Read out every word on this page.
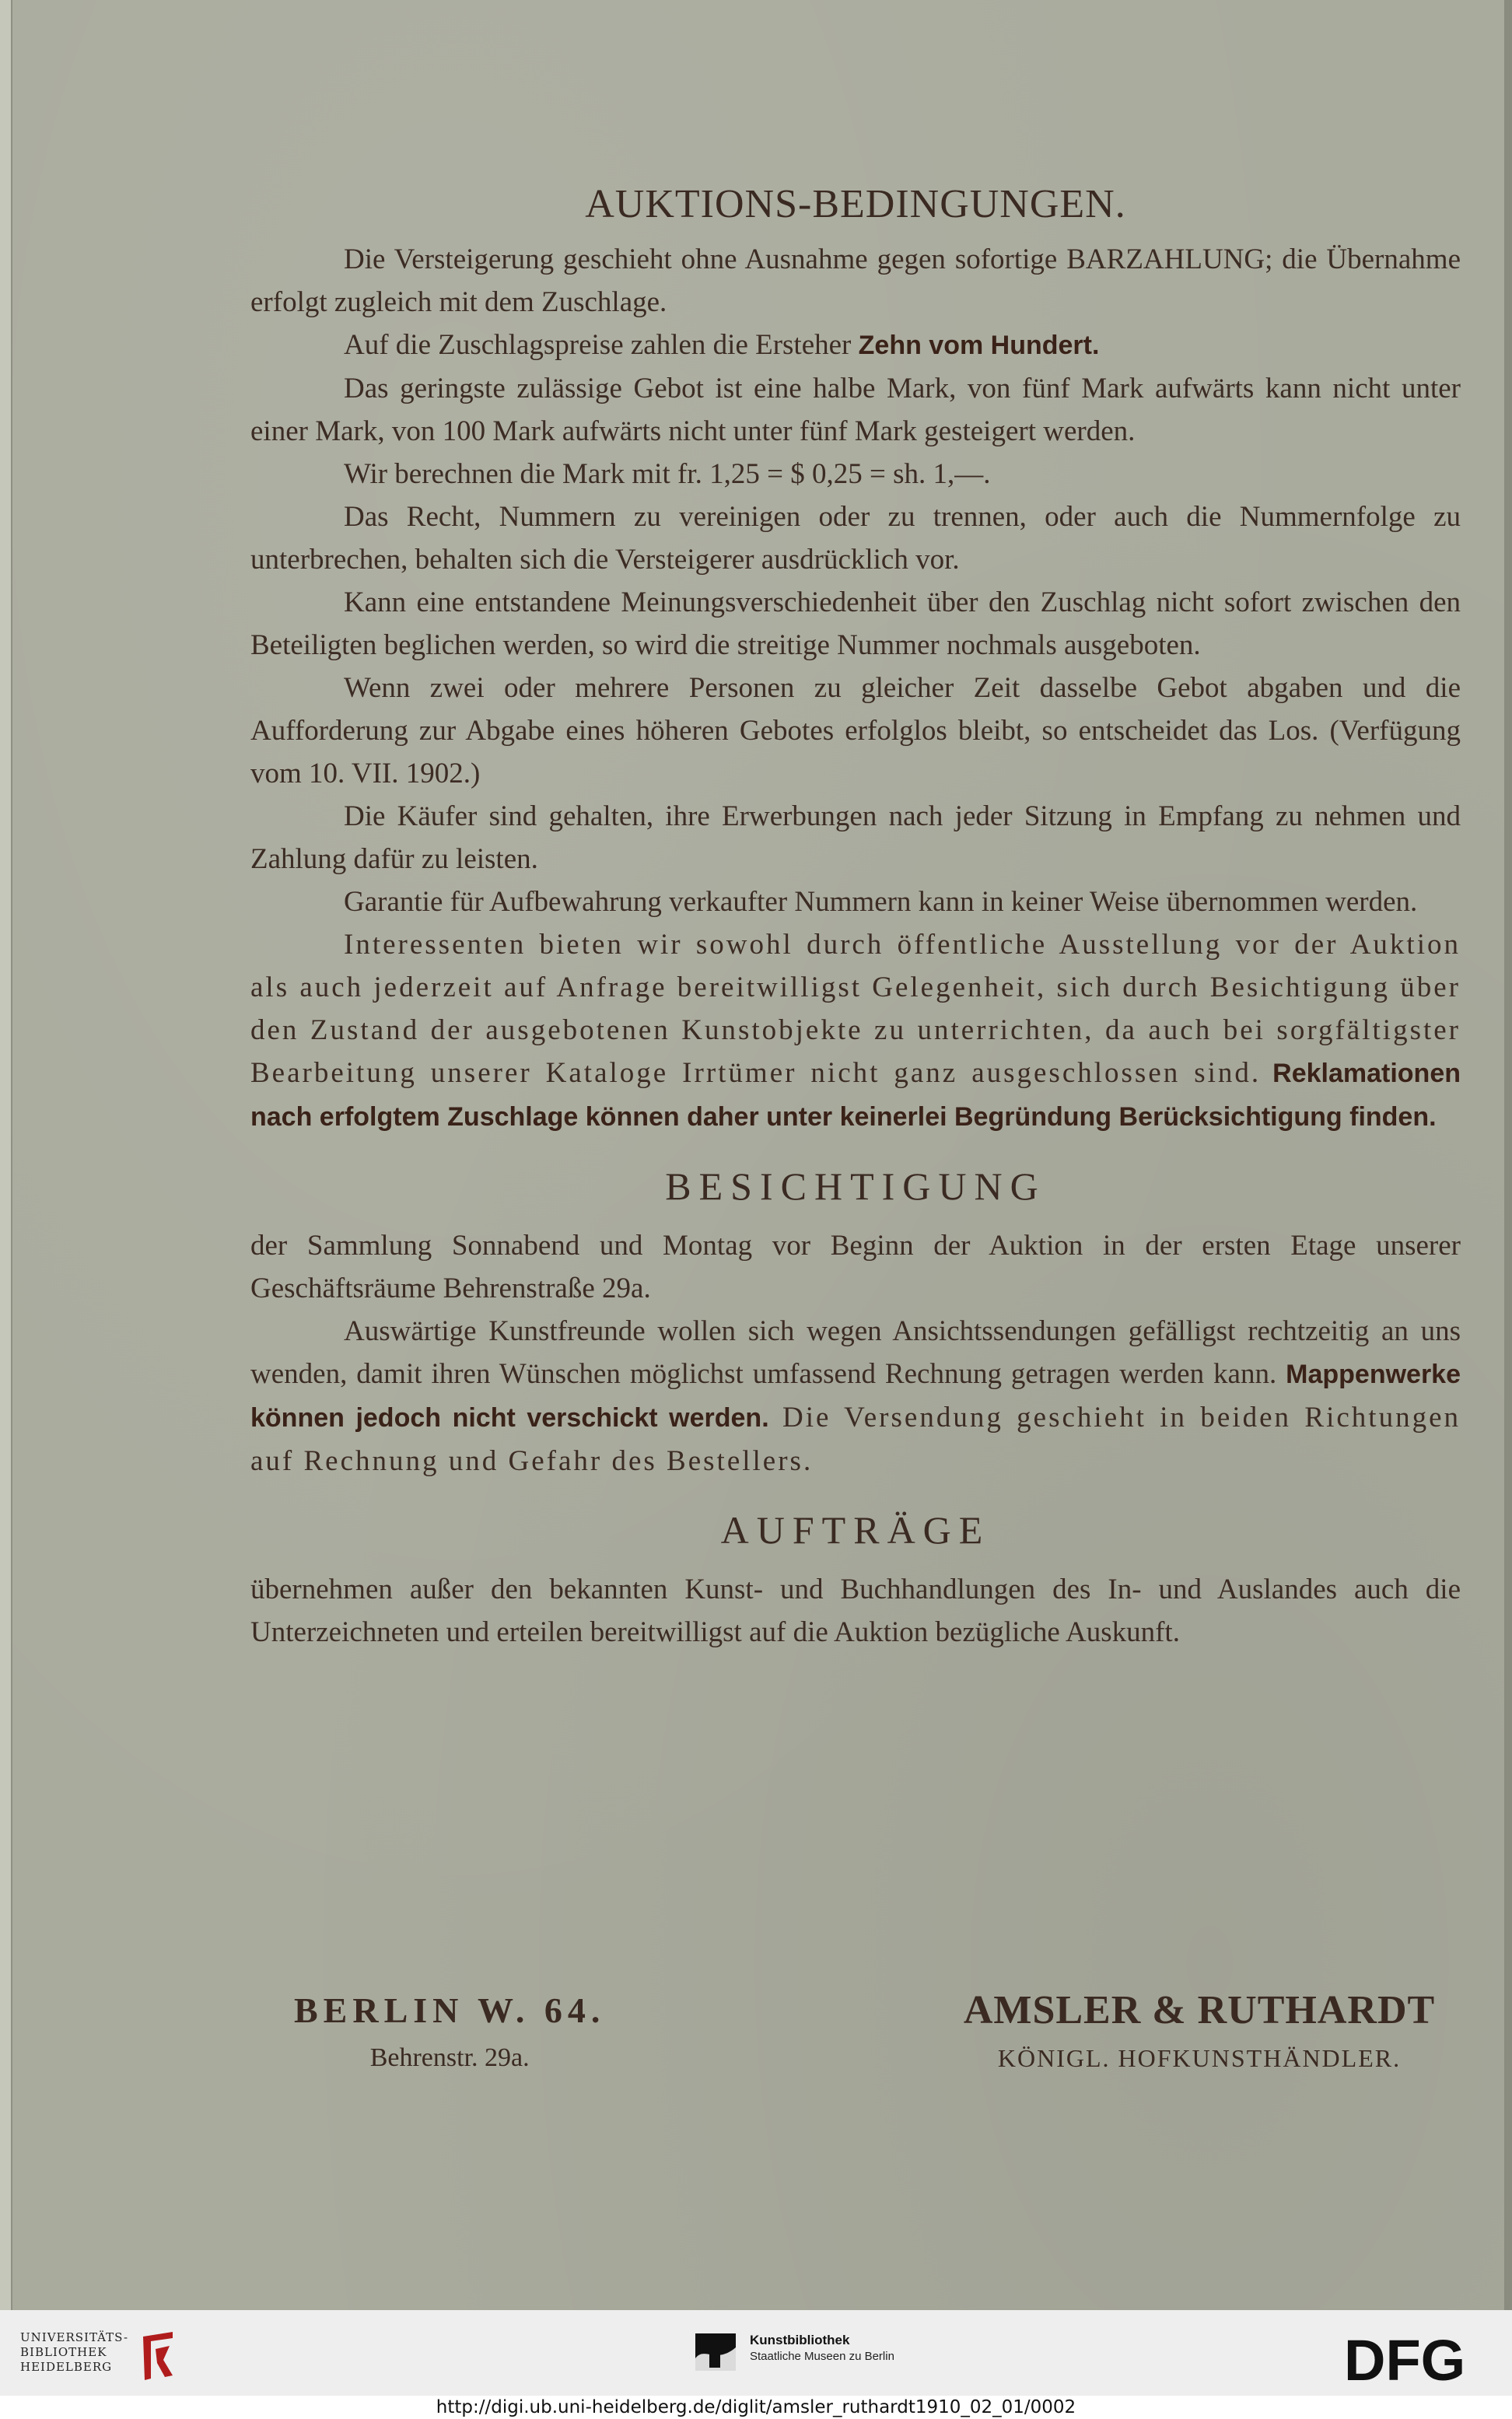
AUKTIONS-BEDINGUNGEN.

Die Versteigerung geschieht ohne Ausnahme gegen sofortige BARZAHLUNG; die Übernahme erfolgt zugleich mit dem Zuschlage.

Auf die Zuschlagspreise zahlen die Ersteher Zehn vom Hundert.

Das geringste zulässige Gebot ist eine halbe Mark, von fünf Mark aufwärts kann nicht unter einer Mark, von 100 Mark aufwärts nicht unter fünf Mark gesteigert werden.

Wir berechnen die Mark mit fr. 1,25 = $ 0,25 = sh. 1,—.

Das Recht, Nummern zu vereinigen oder zu trennen, oder auch die Nummernfolge zu unterbrechen, behalten sich die Versteigerer ausdrücklich vor.

Kann eine entstandene Meinungsverschiedenheit über den Zuschlag nicht sofort zwischen den Beteiligten beglichen werden, so wird die streitige Nummer nochmals ausgeboten.

Wenn zwei oder mehrere Personen zu gleicher Zeit dasselbe Gebot abgaben und die Aufforderung zur Abgabe eines höheren Gebotes erfolglos bleibt, so entscheidet das Los. (Verfügung vom 10. VII. 1902.)

Die Käufer sind gehalten, ihre Erwerbungen nach jeder Sitzung in Empfang zu nehmen und Zahlung dafür zu leisten.

Garantie für Aufbewahrung verkaufter Nummern kann in keiner Weise übernommen werden.

Interessenten bieten wir sowohl durch öffentliche Ausstellung vor der Auktion als auch jederzeit auf Anfrage bereitwilligst Gelegenheit, sich durch Besichtigung über den Zustand der ausgebotenen Kunstobjekte zu unterrichten, da auch bei sorgfältigster Bearbeitung unserer Kataloge Irrtümer nicht ganz ausgeschlossen sind. Reklamationen nach erfolgtem Zuschlage können daher unter keinerlei Begründung Berücksichtigung finden.

BESICHTIGUNG

der Sammlung Sonnabend und Montag vor Beginn der Auktion in der ersten Etage unserer Geschäftsräume Behrenstraße 29a.

Auswärtige Kunstfreunde wollen sich wegen Ansichtssendungen gefälligst rechtzeitig an uns wenden, damit ihren Wünschen möglichst umfassend Rechnung getragen werden kann. Mappenwerke können jedoch nicht verschickt werden. Die Versendung geschieht in beiden Richtungen auf Rechnung und Gefahr des Bestellers.

AUFTRÄGE

übernehmen außer den bekannten Kunst- und Buchhandlungen des In- und Auslandes auch die Unterzeichneten und erteilen bereitwilligst auf die Auktion bezügliche Auskunft.

BERLIN W. 64.
Behrenstr. 29a.
AMSLER & RUTHARDT
KÖNIGL. HOFKUNSTHÄNDLER.
UNIVERSITÄTS-
BIBLIOTHEK
HEIDELBERG
Kunstbibliothek
Staatliche Museen zu Berlin	DFG
http://digi.ub.uni-heidelberg.de/diglit/amsler_ruthardt1910_02_01/0002
